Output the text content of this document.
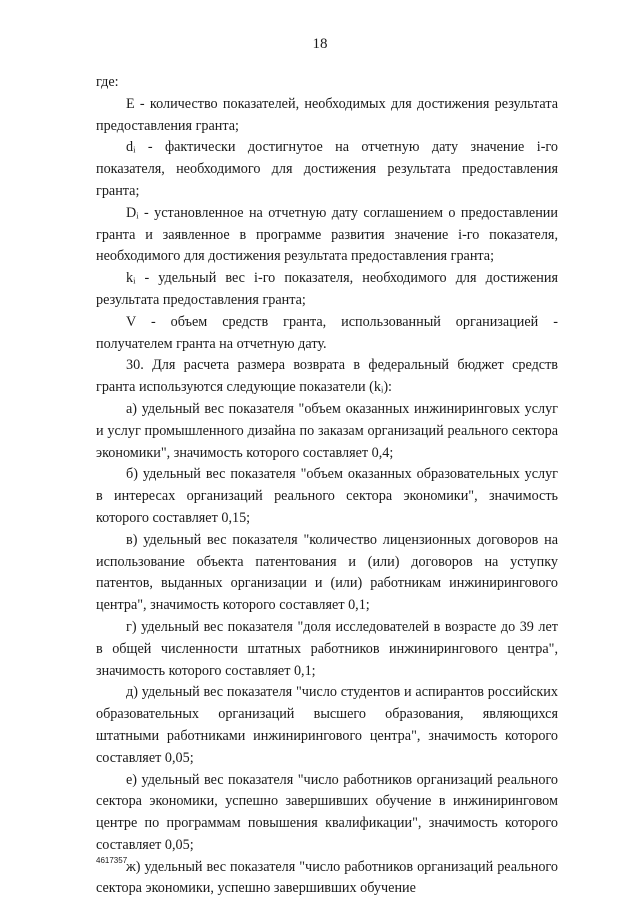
18

где:

E - количество показателей, необходимых для достижения результата предоставления гранта;

dᵢ - фактически достигнутое на отчетную дату значение i-го показателя, необходимого для достижения результата предоставления гранта;

Dᵢ - установленное на отчетную дату соглашением о предоставлении гранта и заявленное в программе развития значение i-го показателя, необходимого для достижения результата предоставления гранта;

kᵢ - удельный вес i-го показателя, необходимого для достижения результата предоставления гранта;

V - объем средств гранта, использованный организацией - получателем гранта на отчетную дату.

30. Для расчета размера возврата в федеральный бюджет средств гранта используются следующие показатели (kᵢ):

а) удельный вес показателя "объем оказанных инжиниринговых услуг и услуг промышленного дизайна по заказам организаций реального сектора экономики", значимость которого составляет 0,4;

б) удельный вес показателя "объем оказанных образовательных услуг в интересах организаций реального сектора экономики", значимость которого составляет 0,15;

в) удельный вес показателя "количество лицензионных договоров на использование объекта патентования и (или) договоров на уступку патентов, выданных организации и (или) работникам инжинирингового центра", значимость которого составляет 0,1;

г) удельный вес показателя "доля исследователей в возрасте до 39 лет в общей численности штатных работников инжинирингового центра", значимость которого составляет 0,1;

д) удельный вес показателя "число студентов и аспирантов российских образовательных организаций высшего образования, являющихся штатными работниками инжинирингового центра", значимость которого составляет 0,05;

е) удельный вес показателя "число работников организаций реального сектора экономики, успешно завершивших обучение в инжиниринговом центре по программам повышения квалификации", значимость которого составляет 0,05;

ж) удельный вес показателя "число работников организаций реального сектора экономики, успешно завершивших обучение

4617357
